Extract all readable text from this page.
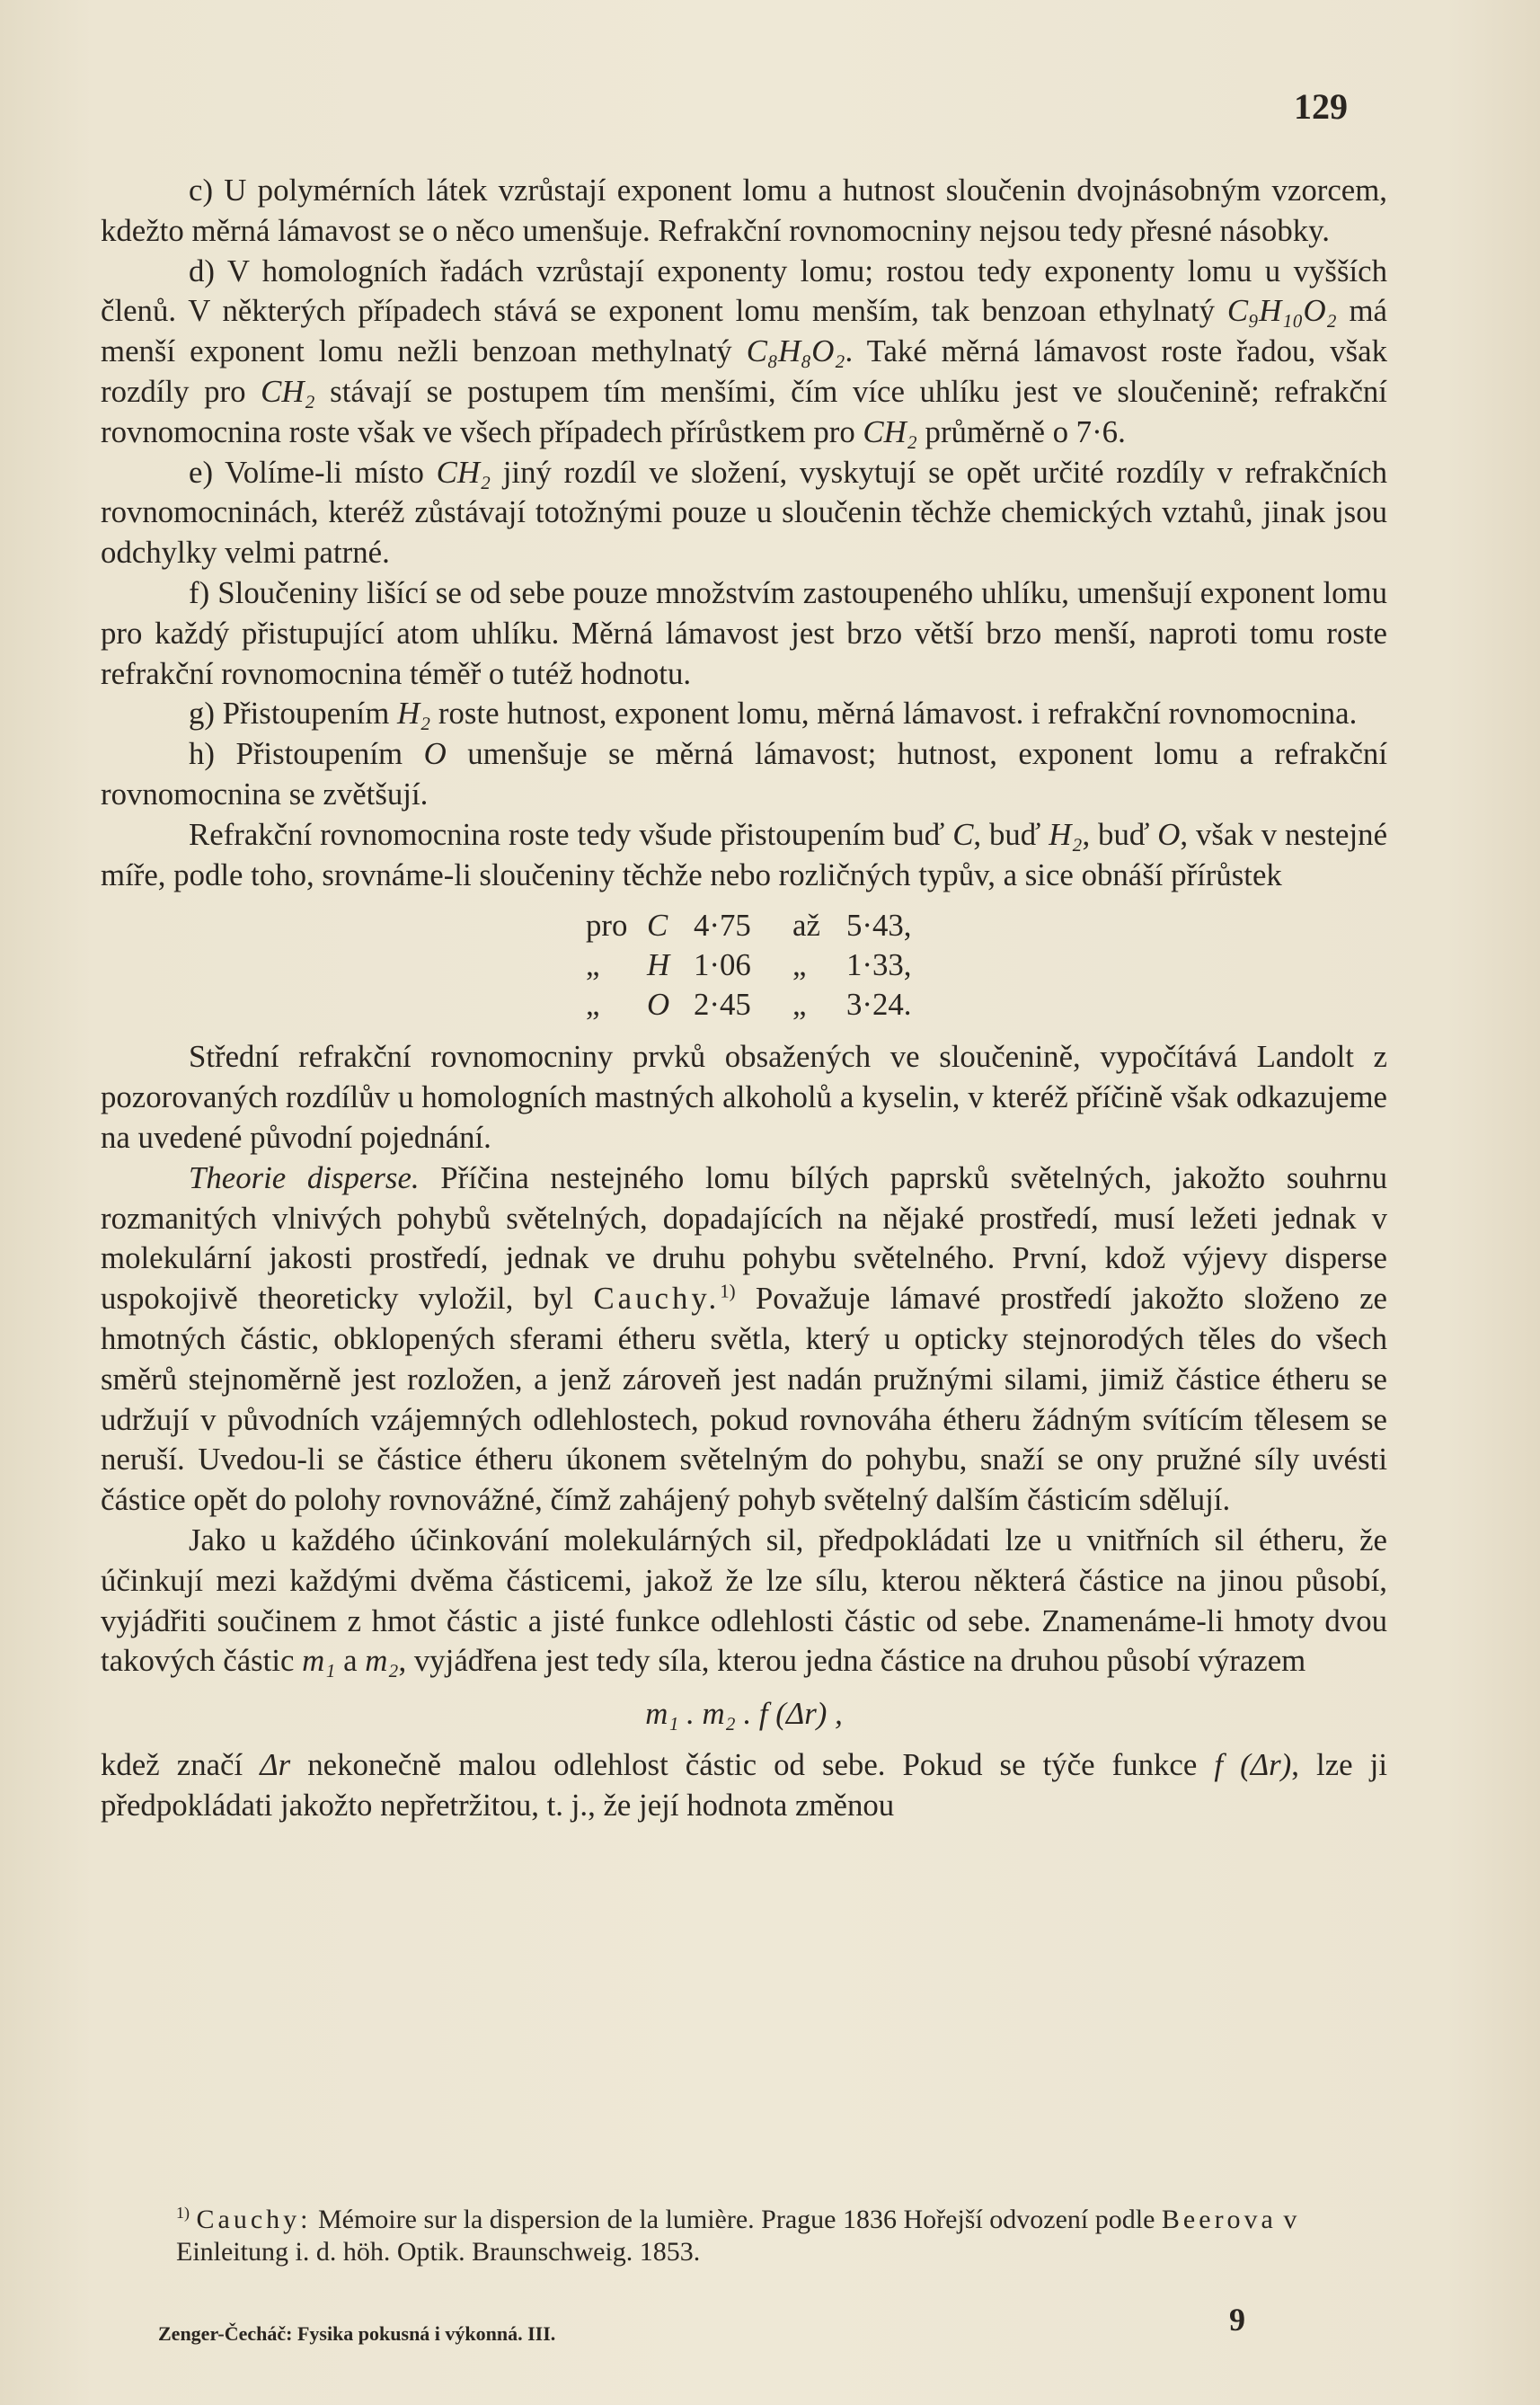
129

c) U polymérních látek vzrůstají exponent lomu a hutnost sloučenin dvojnásobným vzorcem, kdežto měrná lámavost se o něco umenšuje. Refrakční rovnomocniny nejsou tedy přesné násobky.

d) V homologních řadách vzrůstají exponenty lomu; rostou tedy exponenty lomu u vyšších členů. V některých případech stává se exponent lomu menším, tak benzoan ethylnatý C₉H₁₀O₂ má menší exponent lomu nežli benzoan methylnatý C₈H₈O₂. Také měrná lámavost roste řadou, však rozdíly pro CH₂ stávají se postupem tím menšími, čím více uhlíku jest ve sloučenině; refrakční rovnomocnina roste však ve všech případech přírůstkem pro CH₂ průměrně o 7·6.

e) Volíme-li místo CH₂ jiný rozdíl ve složení, vyskytují se opět určité rozdíly v refrakčních rovnomocninách, kteréž zůstávají totožnými pouze u sloučenin těchže chemických vztahů, jinak jsou odchylky velmi patrné.

f) Sloučeniny lišící se od sebe pouze množstvím zastoupeného uhlíku, umenšují exponent lomu pro každý přistupující atom uhlíku. Měrná lámavost jest brzo větší brzo menší, naproti tomu roste refrakční rovnomocnina téměř o tutéž hodnotu.

g) Přistoupením H₂ roste hutnost, exponent lomu, měrná lámavost. i refrakční rovnomocnina.

h) Přistoupením O umenšuje se měrná lámavost; hutnost, exponent lomu a refrakční rovnomocnina se zvětšují.

Refrakční rovnomocnina roste tedy všude přistoupením buď C, buď H₂, buď O, však v nestejné míře, podle toho, srovnáme-li sloučeniny těchže nebo rozličných typův, a sice obnáší přírůstek

pro C 4·75	až 5·43,
„	H 1·06	„	1·33,
„	O 2·45	„	3·24.

Střední refrakční rovnomocniny prvků obsažených ve sloučenině, vypočítává Landolt z pozorovaných rozdílův u homologních mastných alkoholů a kyselin, v kteréž příčině však odkazujeme na uvedené původní pojednání.

Theorie disperse. Příčina nestejného lomu bílých paprsků světelných, jakožto souhrnu rozmanitých vlnivých pohybů světelných, dopadajících na nějaké prostředí, musí ležeti jednak v molekulární jakosti prostředí, jednak ve druhu pohybu světelného. První, kdož výjevy disperse uspokojivě theoreticky vyložil, byl Cauchy.$^{1)}$ Považuje lámavé prostředí jakožto složeno ze hmotných částic, obklopených sferami étheru světla, který u opticky stejnorodých těles do všech směrů stejnoměrně jest rozložen, a jenž zároveň jest nadán pružnými silami, jimiž částice étheru se udržují v původních vzájemných odlehlostech, pokud rovnováha étheru žádným svítícím tělesem se neruší. Uvedou-li se částice étheru úkonem světelným do pohybu, snaží se ony pružné síly uvésti částice opět do polohy rovnovážné, čímž zahájený pohyb světelný dalším částicím sdělují.

Jako u každého účinkování molekulárných sil, předpokládati lze u vnitřních sil étheru, že účinkují mezi každými dvěma částicemi, jakož že lze sílu, kterou některá částice na jinou působí, vyjádřiti součinem z hmot částic a jisté funkce odlehlosti částic od sebe. Znamenáme-li hmoty dvou takových částic m₁ a m₂, vyjádřena jest tedy síla, kterou jedna částice na druhou působí výrazem

m₁ . m₂ . f (Δr) ,

kdež značí Δr nekonečně malou odlehlost částic od sebe. Pokud se týče funkce f (Δr), lze ji předpokládati jakožto nepřetržitou, t. j., že její hodnota změnou

$^{1)}$ Cauchy: Mémoire sur la dispersion de la lumière. Prague 1836 Hořejší odvození podle Beerova v Einleitung i. d. höh. Optik. Braunschweig. 1853.
Zenger-Čecháč: Fysika pokusná i výkonná. III.	9
